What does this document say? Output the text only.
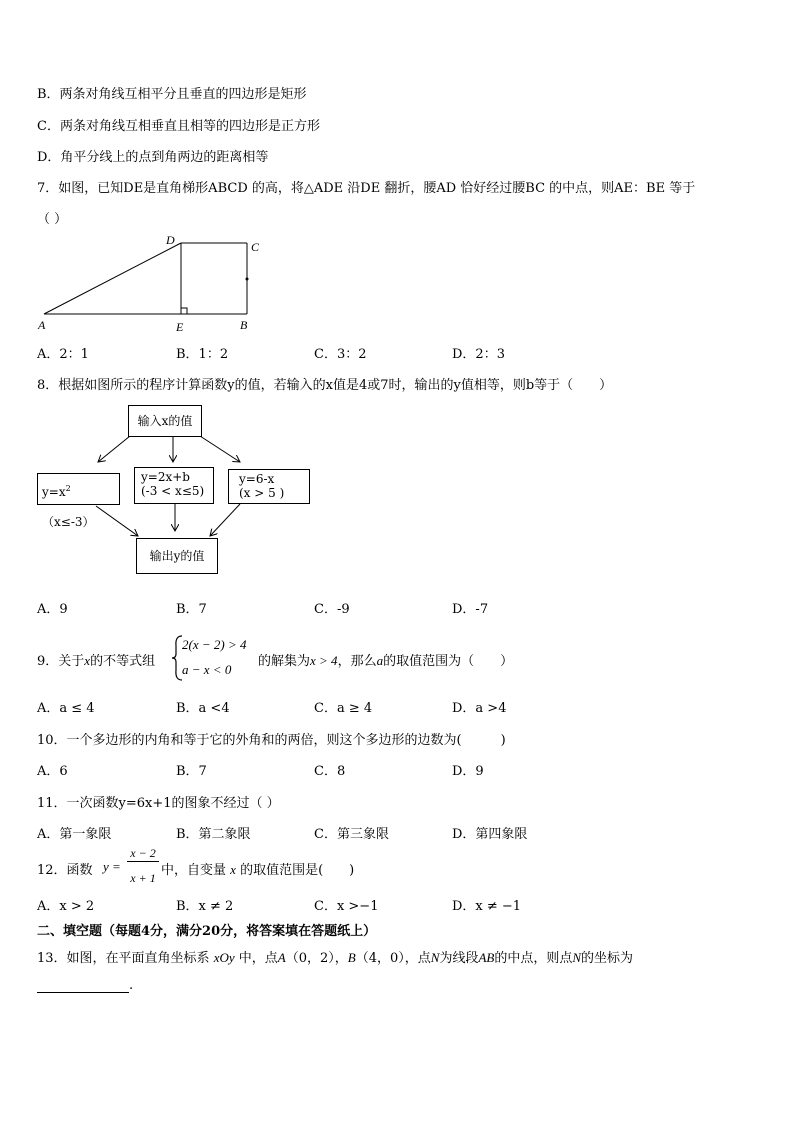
B．两条对角线互相平分且垂直的四边形是矩形
C．两条对角线互相垂直且相等的四边形是正方形
D．角平分线上的点到角两边的距离相等
7．如图，已知DE是直角梯形ABCD 的高，将△ADE 沿DE 翻折，腰AD 恰好经过腰BC 的中点，则AE：BE 等于
（ ）
D	C
A	E	B
A．2：1	B．1：2	C．3：2	D．2：3
8．根据如图所示的程序计算函数y的值，若输入的x值是4或7时，输出的y值相等，则b等于（　　）
输入x的值
$y=x^2(x\le-3)$
y=2x+b
(-3 < x≤5)
y=6-x
(x > 5 )
输出y的值
A．9	B．7	C．-9	D．-7
9．关于x的不等式组
2(x − 2) > 4
a − x < 0
的解集为x > 4，那么a的取值范围为（　　）
A．a ≤ 4	B．a <4	C．a ≥ 4	D．a >4
10．一个多边形的内角和等于它的外角和的两倍，则这个多边形的边数为(　　　)
A．6	B．7	C．8	D．9
11．一次函数y=6x+1的图象不经过（ ）
A．第一象限	B．第二象限	C．第三象限	D．第四象限
12．函数 y =
x − 2
x + 1 中，自变量 x 的取值范围是(　　)
A．x > 2	B．x ≠ 2	C．x >−1	D．x ≠ −1
二、填空题（每题4分，满分20分，将答案填在答题纸上）
13．如图，在平面直角坐标系 xOy 中，点A（0，2），B（4，0），点N为线段AB的中点，则点N的坐标为
.
